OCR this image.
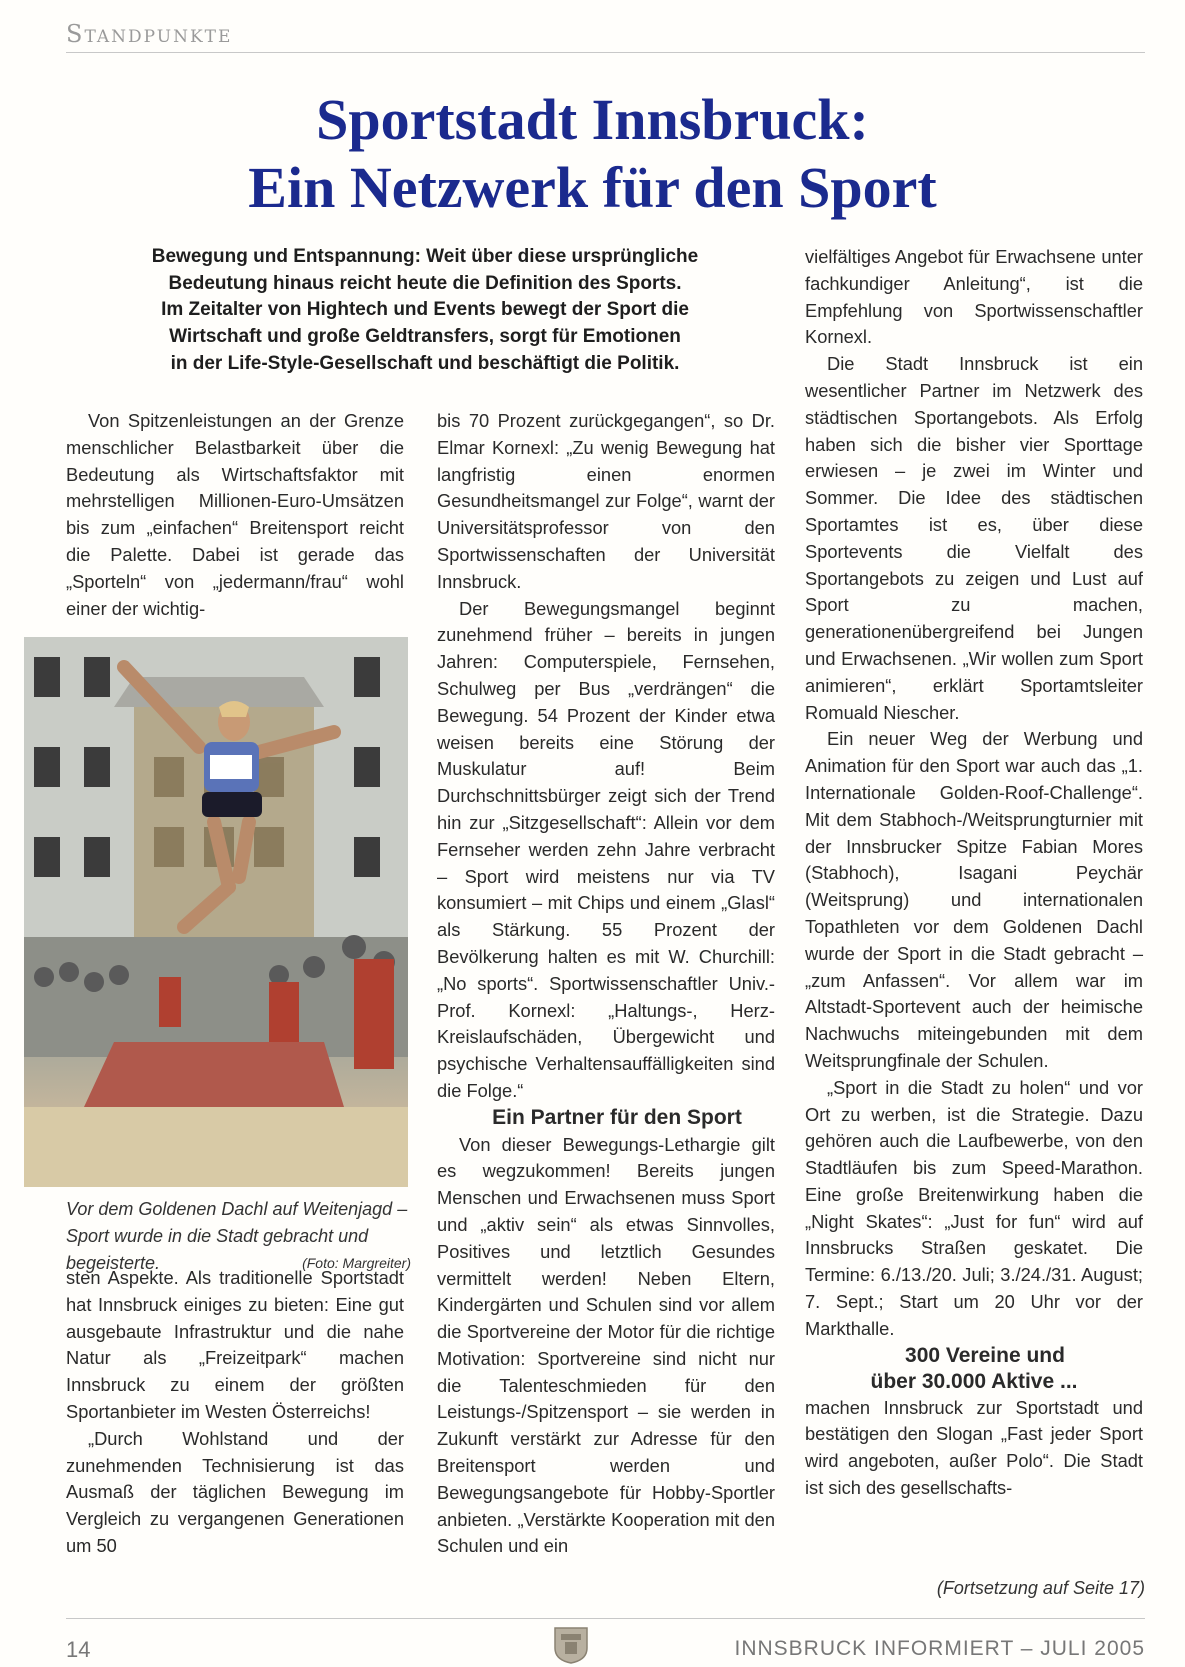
Standpunkte
Sportstadt Innsbruck:
Ein Netzwerk für den Sport
Bewegung und Entspannung: Weit über diese ursprüngliche
Bedeutung hinaus reicht heute die Definition des Sports.
Im Zeitalter von Hightech und Events bewegt der Sport die
Wirtschaft und große Geldtransfers, sorgt für Emotionen
in der Life-Style-Gesellschaft und beschäftigt die Politik.

Von Spitzenleistungen an der Grenze menschlicher Belastbarkeit über die Bedeutung als Wirtschaftsfaktor mit mehrstelligen Millionen-Euro-Umsätzen bis zum „einfachen“ Breitensport reicht die Palette. Dabei ist gerade das „Sporteln“ von „jedermann/frau“ wohl einer der wichtig-

Vor dem Goldenen Dachl auf Weitenjagd – Sport wurde in die Stadt gebracht und begeisterte.	(Foto: Margreiter)

sten Aspekte. Als traditionelle Sportstadt hat Innsbruck einiges zu bieten: Eine gut ausgebaute Infrastruktur und die nahe Natur als „Freizeitpark“ machen Innsbruck zu einem der größten Sportanbieter im Westen Österreichs!

„Durch Wohlstand und der zunehmenden Technisierung ist das Ausmaß der täglichen Bewegung im Vergleich zu vergangenen Generationen um 50

bis 70 Prozent zurückgegangen“, so Dr. Elmar Kornexl: „Zu wenig Bewegung hat langfristig einen enormen Gesundheitsmangel zur Folge“, warnt der Universitätsprofessor von den Sportwissenschaften der Universität Innsbruck.

Der Bewegungsmangel beginnt zunehmend früher – bereits in jungen Jahren: Computerspiele, Fernsehen, Schulweg per Bus „verdrängen“ die Bewegung. 54 Prozent der Kinder etwa weisen bereits eine Störung der Muskulatur auf! Beim Durchschnittsbürger zeigt sich der Trend hin zur „Sitzgesellschaft“: Allein vor dem Fernseher werden zehn Jahre verbracht – Sport wird meistens nur via TV konsumiert – mit Chips und einem „Glasl“ als Stärkung. 55 Prozent der Bevölkerung halten es mit W. Churchill: „No sports“. Sportwissenschaftler Univ.-Prof. Kornexl: „Haltungs-, Herz-Kreislaufschäden, Übergewicht und psychische Verhaltensauffälligkeiten sind die Folge.“

Ein Partner für den Sport

Von dieser Bewegungs-Lethargie gilt es wegzukommen! Bereits jungen Menschen und Erwachsenen muss Sport und „aktiv sein“ als etwas Sinnvolles, Positives und letztlich Gesundes vermittelt werden! Neben Eltern, Kindergärten und Schulen sind vor allem die Sportvereine der Motor für die richtige Motivation: Sportvereine sind nicht nur die Talenteschmieden für den Leistungs-/Spitzensport – sie werden in Zukunft verstärkt zur Adresse für den Breitensport werden und Bewegungsangebote für Hobby-Sportler anbieten. „Verstärkte Kooperation mit den Schulen und ein

vielfältiges Angebot für Erwachsene unter fachkundiger Anleitung“, ist die Empfehlung von Sportwissenschaftler Kornexl.

Die Stadt Innsbruck ist ein wesentlicher Partner im Netzwerk des städtischen Sportangebots. Als Erfolg haben sich die bisher vier Sporttage erwiesen – je zwei im Winter und Sommer. Die Idee des städtischen Sportamtes ist es, über diese Sportevents die Vielfalt des Sportangebots zu zeigen und Lust auf Sport zu machen, generationenübergreifend bei Jungen und Erwachsenen. „Wir wollen zum Sport animieren“, erklärt Sportamtsleiter Romuald Niescher.

Ein neuer Weg der Werbung und Animation für den Sport war auch das „1. Internationale Golden-Roof-Challenge“. Mit dem Stabhoch-/Weitsprungturnier mit der Innsbrucker Spitze Fabian Mores (Stabhoch), Isagani Peychär (Weitsprung) und internationalen Topathleten vor dem Goldenen Dachl wurde der Sport in die Stadt gebracht – „zum Anfassen“. Vor allem war im Altstadt-Sportevent auch der heimische Nachwuchs miteingebunden mit dem Weitsprungfinale der Schulen.

„Sport in die Stadt zu holen“ und vor Ort zu werben, ist die Strategie. Dazu gehören auch die Laufbewerbe, von den Stadtläufen bis zum Speed-Marathon. Eine große Breitenwirkung haben die „Night Skates“: „Just for fun“ wird auf Innsbrucks Straßen geskatet. Die Termine: 6./13./20. Juli; 3./24./31. August; 7. Sept.; Start um 20 Uhr vor der Markthalle.

300 Vereine und
über 30.000 Aktive ...

machen Innsbruck zur Sportstadt und bestätigen den Slogan „Fast jeder Sport wird angeboten, außer Polo“. Die Stadt ist sich des gesellschafts-

(Fortsetzung auf Seite 17)
14	INNSBRUCK INFORMIERT – JULI 2005
